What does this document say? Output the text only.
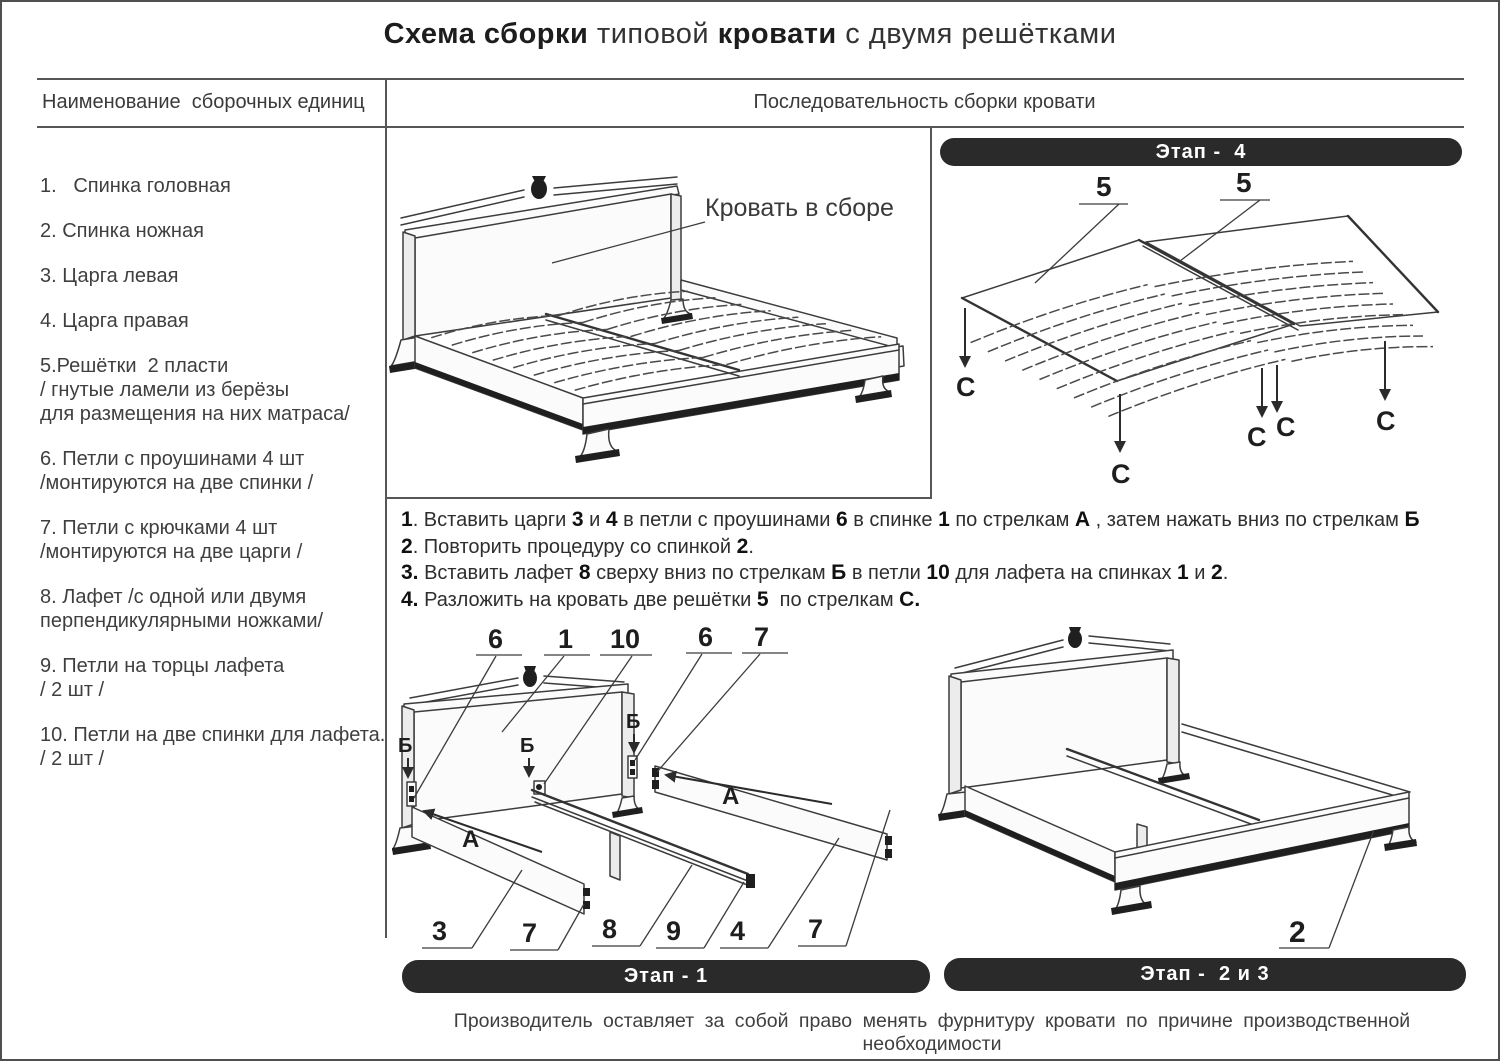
Схема сборки типовой кровати с двумя решётками
Наименование  сборочных единиц	Последовательность сборки кровати
1.   Спинка головная
2. Спинка ножная
3. Царга левая
4. Царга правая
5.Решётки  2 пласти
/ гнутые ламели из берёзы
для размещения на них матраса/
6. Петли с проушинами 4 шт
/монтируются на две спинки /
7. Петли с крючками 4 шт
/монтируются на две царги /
8. Лафет /с одной или двумя
перпендикулярными ножками/
9. Петли на торцы лафета
/ 2 шт /
10. Петли на две спинки для лафета.
/ 2 шт /
Кровать в сборе
5	5
С
С
С С	С
Этап -  4
1. Вставить царги 3 и 4 в петли с проушинами 6 в спинке 1 по стрелкам А , затем нажать вниз по стрелкам Б
2. Повторить процедуру со спинкой 2.
3. Вставить лафет 8 сверху вниз по стрелкам Б в петли 10 для лафета на спинках 1 и 2.
4. Разложить на кровать две решётки 5  по стрелкам С.
Б	Б
Б
А
А
6 1 10 6 7
3	7 8 9 4 7	2
Этап - 1	Этап -  2 и 3
Производитель оставляет за собой право менять фурнитуру кровати по причине производственной необходимости
